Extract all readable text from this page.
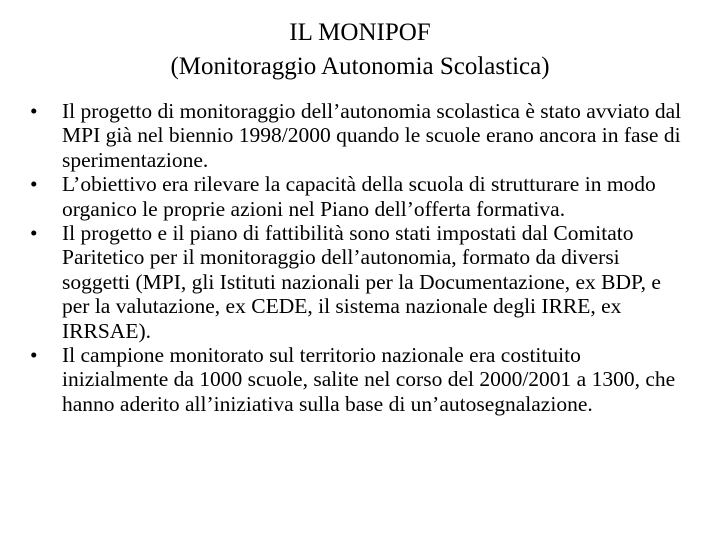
IL MONIPOF
(Monitoraggio Autonomia Scolastica)
•	Il progetto di monitoraggio dell’autonomia scolastica è stato avviato dal MPI già nel biennio 1998/2000 quando le scuole erano ancora in fase di sperimentazione.
•	L’obiettivo era rilevare la capacità della scuola di strutturare in modo organico le proprie azioni nel Piano dell’offerta formativa.
•	Il progetto e il piano di fattibilità sono stati impostati dal Comitato Paritetico per il monitoraggio dell’autonomia, formato da diversi soggetti (MPI, gli Istituti nazionali per la Documentazione, ex BDP, e per la valutazione, ex CEDE, il sistema nazionale degli IRRE, ex IRRSAE).
•	Il campione monitorato sul territorio nazionale era costituito inizialmente da 1000 scuole, salite nel corso del 2000/2001 a 1300, che hanno aderito all’iniziativa sulla base di un’autosegnalazione.
